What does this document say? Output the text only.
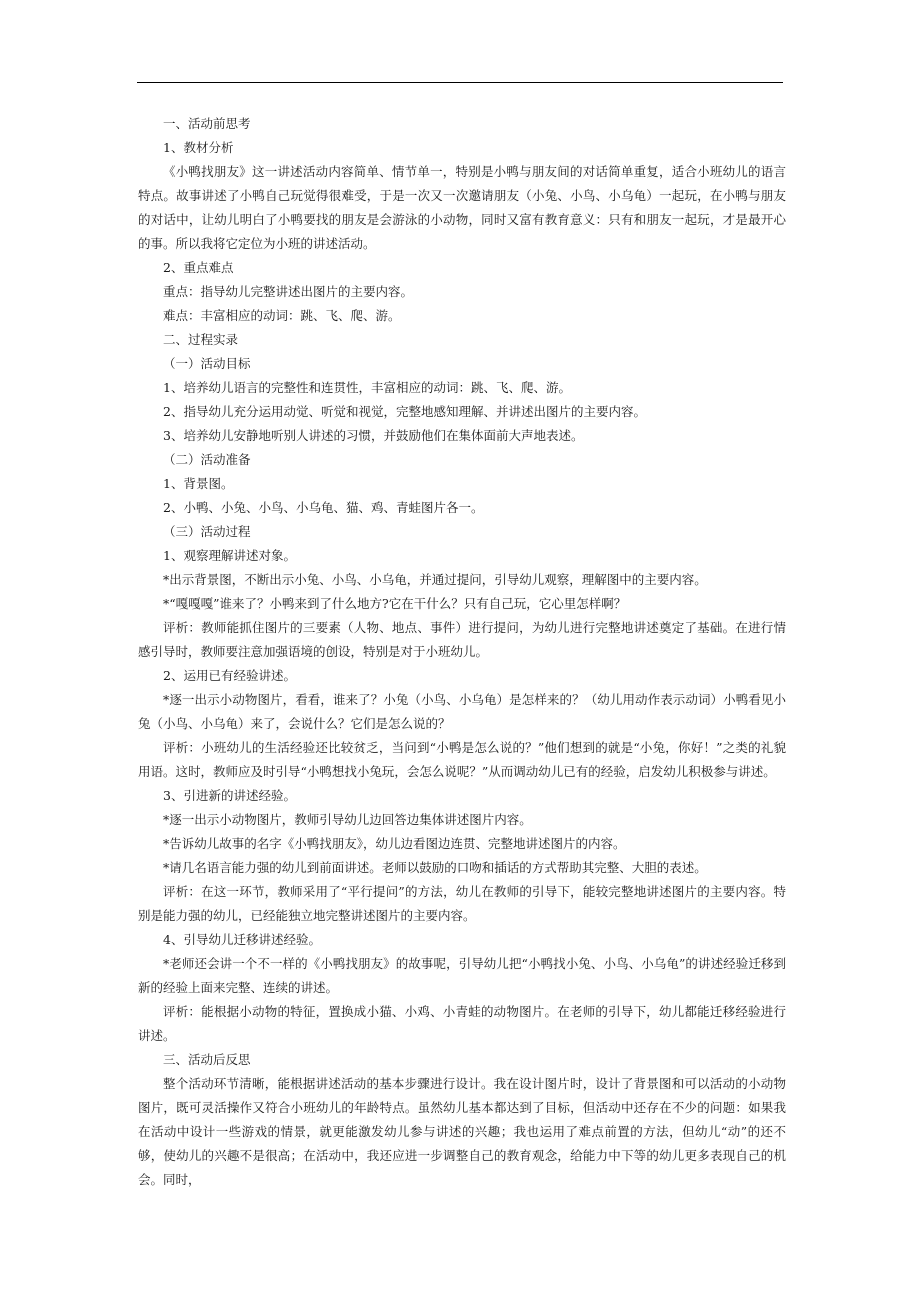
一、活动前思考

1、教材分析

《小鸭找朋友》这一讲述活动内容简单、情节单一，特别是小鸭与朋友间的对话简单重复，适合小班幼儿的语言特点。故事讲述了小鸭自己玩觉得很难受，于是一次又一次邀请朋友（小兔、小鸟、小乌龟）一起玩，在小鸭与朋友的对话中，让幼儿明白了小鸭要找的朋友是会游泳的小动物，同时又富有教育意义：只有和朋友一起玩，才是最开心的事。所以我将它定位为小班的讲述活动。

2、重点难点

重点：指导幼儿完整讲述出图片的主要内容。

难点：丰富相应的动词：跳、飞、爬、游。

二、过程实录

（一）活动目标

1、培养幼儿语言的完整性和连贯性，丰富相应的动词：跳、飞、爬、游。

2、指导幼儿充分运用动觉、听觉和视觉，完整地感知理解、并讲述出图片的主要内容。

3、培养幼儿安静地听别人讲述的习惯，并鼓励他们在集体面前大声地表述。

（二）活动准备

1、背景图。

2、小鸭、小兔、小鸟、小乌龟、猫、鸡、青蛙图片各一。

（三）活动过程

1、观察理解讲述对象。

*出示背景图，不断出示小兔、小鸟、小乌龟，并通过提问，引导幼儿观察，理解图中的主要内容。

*“嘎嘎嘎”谁来了？小鸭来到了什么地方?它在干什么？只有自己玩，它心里怎样啊？

评析：教师能抓住图片的三要素（人物、地点、事件）进行提问，为幼儿进行完整地讲述奠定了基础。在进行情感引导时，教师要注意加强语境的创设，特别是对于小班幼儿。

2、运用已有经验讲述。

*逐一出示小动物图片，看看，谁来了？小兔（小鸟、小乌龟）是怎样来的？（幼儿用动作表示动词）小鸭看见小兔（小鸟、小乌龟）来了，会说什么？它们是怎么说的？

评析：小班幼儿的生活经验还比较贫乏，当问到“小鸭是怎么说的？”他们想到的就是“小兔，你好！”之类的礼貌用语。这时，教师应及时引导“小鸭想找小兔玩，会怎么说呢？”从而调动幼儿已有的经验，启发幼儿积极参与讲述。

3、引进新的讲述经验。

*逐一出示小动物图片，教师引导幼儿边回答边集体讲述图片内容。

*告诉幼儿故事的名字《小鸭找朋友》，幼儿边看图边连贯、完整地讲述图片的内容。

*请几名语言能力强的幼儿到前面讲述。老师以鼓励的口吻和插话的方式帮助其完整、大胆的表述。

评析：在这一环节，教师采用了“平行提问”的方法，幼儿在教师的引导下，能较完整地讲述图片的主要内容。特别是能力强的幼儿，已经能独立地完整讲述图片的主要内容。

4、引导幼儿迁移讲述经验。

*老师还会讲一个不一样的《小鸭找朋友》的故事呢，引导幼儿把“小鸭找小兔、小鸟、小乌龟”的讲述经验迁移到新的经验上面来完整、连续的讲述。

评析：能根据小动物的特征，置换成小猫、小鸡、小青蛙的动物图片。在老师的引导下，幼儿都能迁移经验进行讲述。

三、活动后反思

整个活动环节清晰，能根据讲述活动的基本步骤进行设计。我在设计图片时，设计了背景图和可以活动的小动物图片，既可灵活操作又符合小班幼儿的年龄特点。虽然幼儿基本都达到了目标，但活动中还存在不少的问题：如果我在活动中设计一些游戏的情景，就更能激发幼儿参与讲述的兴趣；我也运用了难点前置的方法，但幼儿“动”的还不够，使幼儿的兴趣不是很高；在活动中，我还应进一步调整自己的教育观念，给能力中下等的幼儿更多表现自己的机会。同时，
